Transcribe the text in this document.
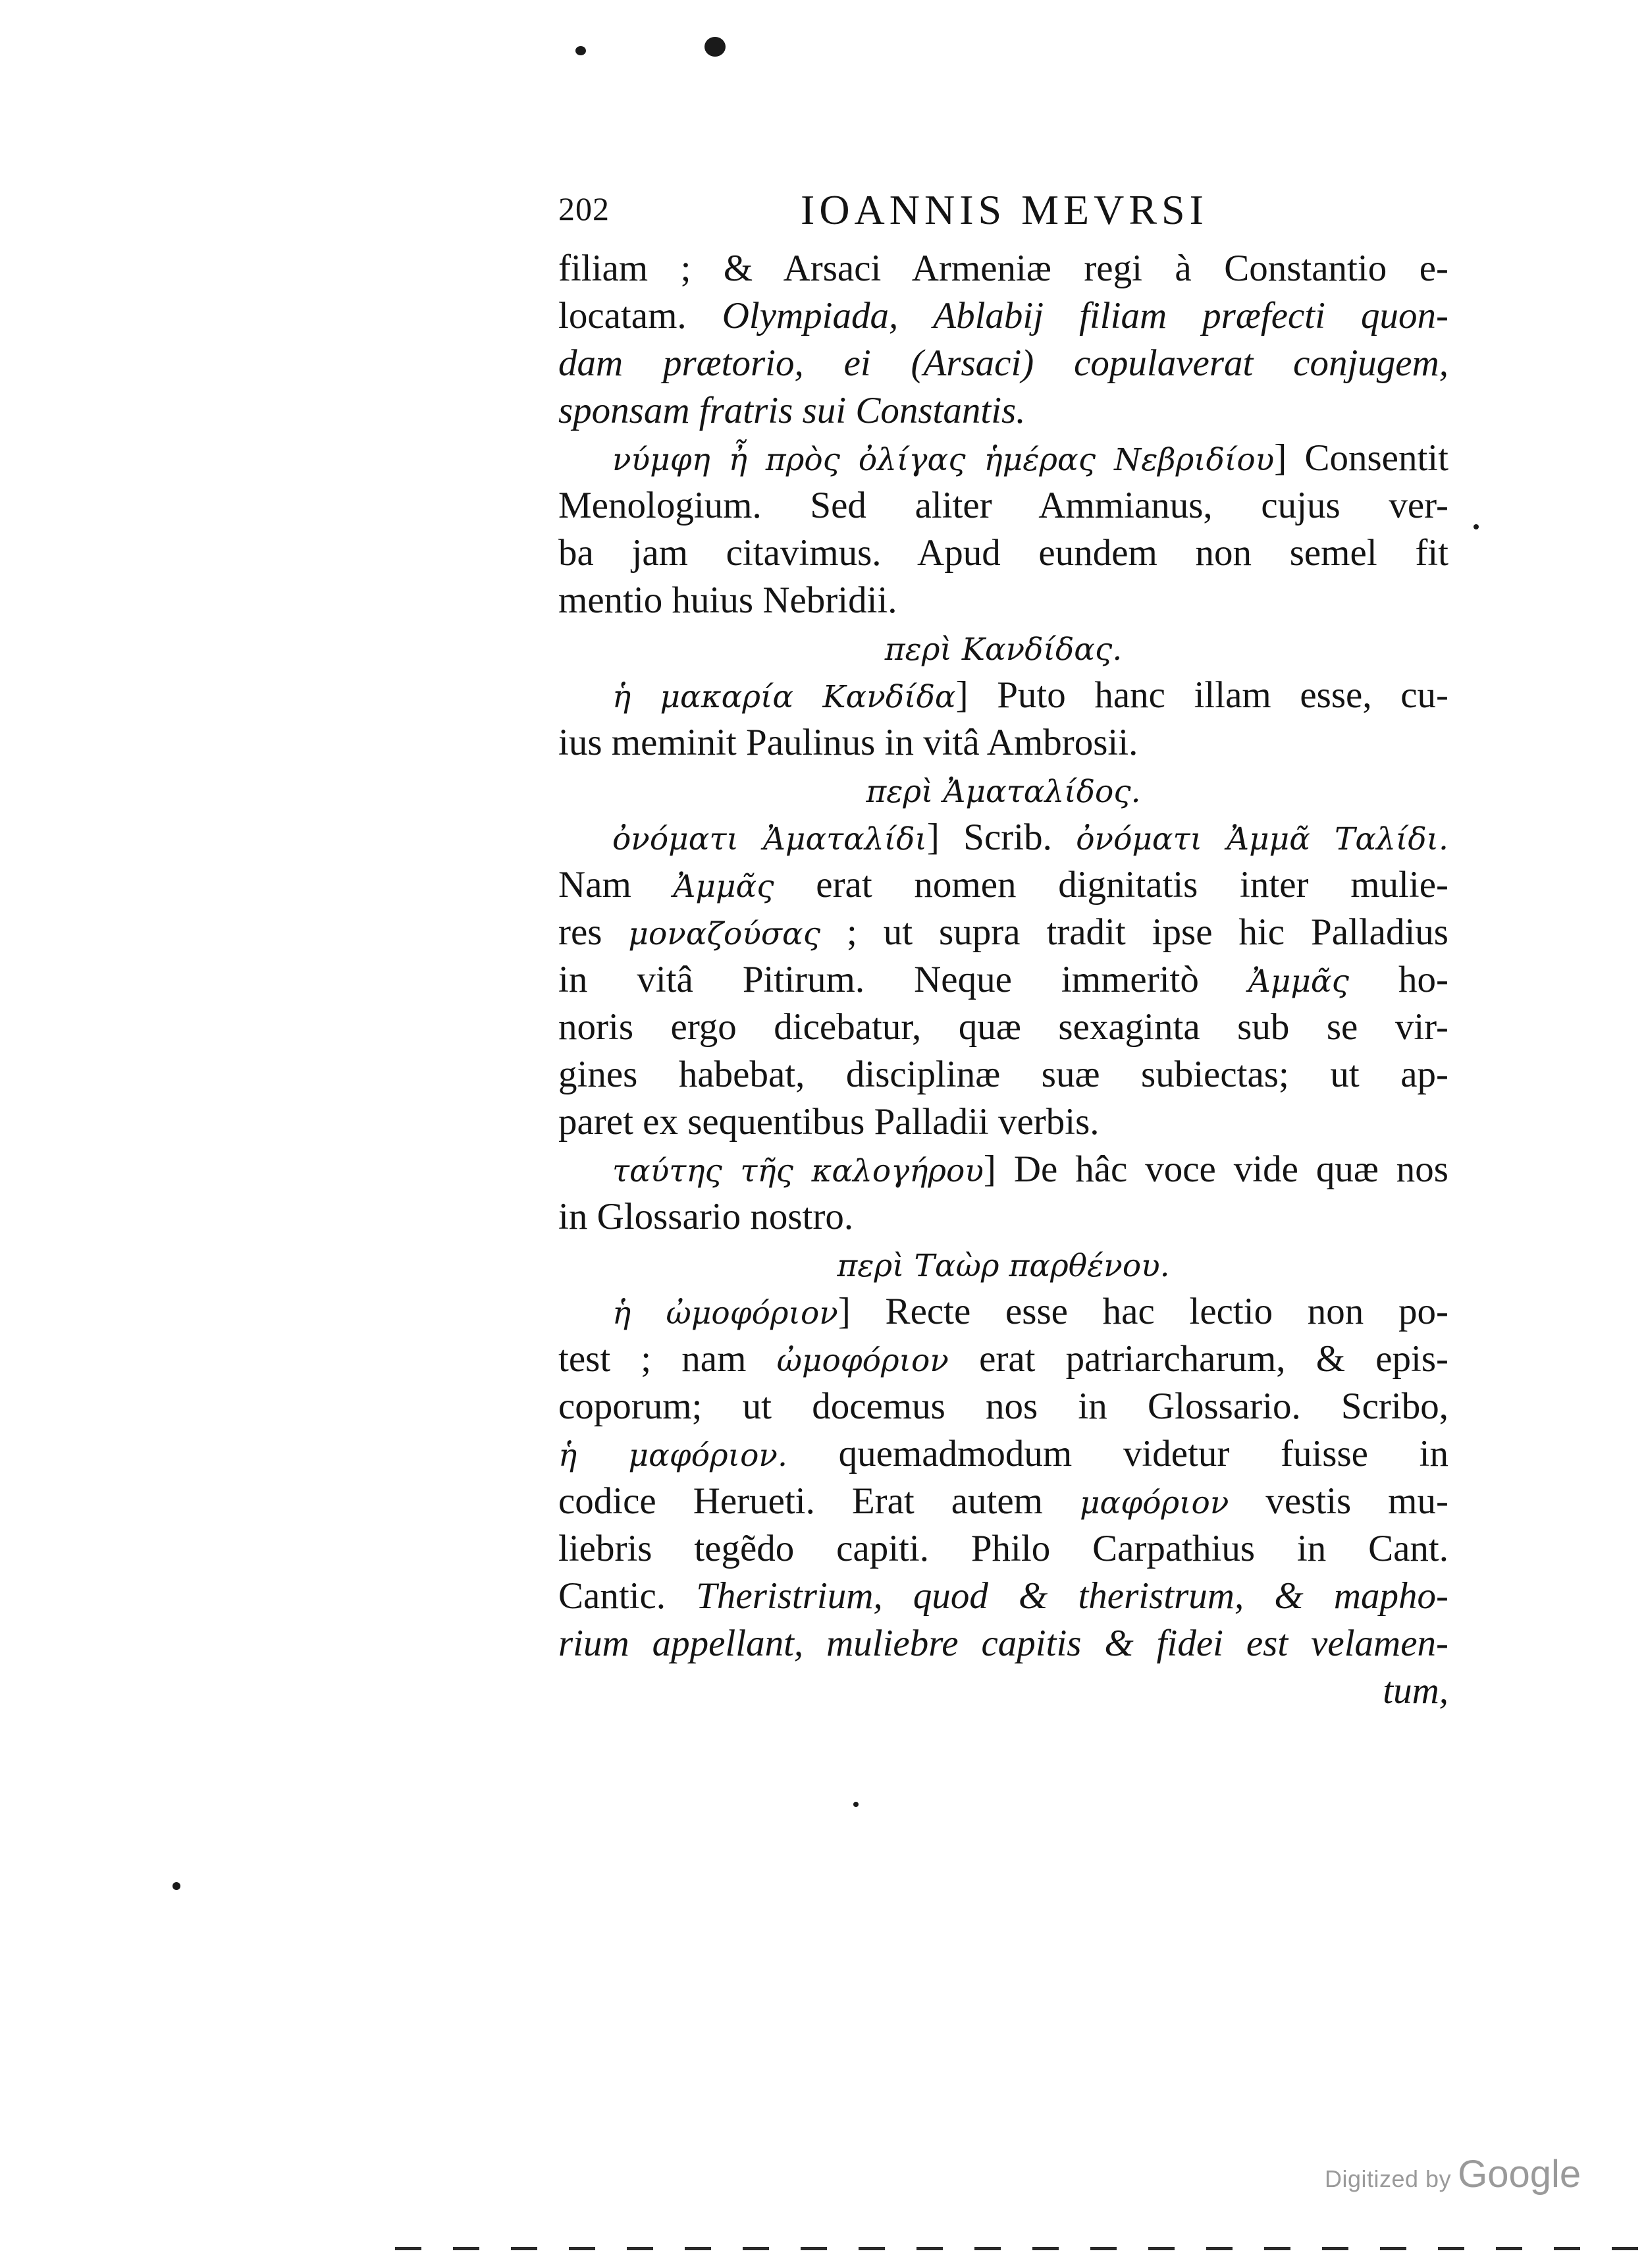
202	IOANNIS MEVRSI
filiam ; & Arsaci Armeniæ regi à Constantio e-
locatam. Olympiada, Ablabij filiam præfecti quon-
dam prætorio, ei (Arsaci) copulaverat conjugem,
sponsam fratris sui Constantis.
νύμφη ἦ πρὸς ὀλίγας ἡμέρας Νεβριδίου] Consentit
Menologium. Sed aliter Ammianus, cujus ver-
ba jam citavimus. Apud eundem non semel fit
mentio huius Nebridii.
περὶ Κανδίδας.
ἡ μακαρία Κανδίδα] Puto hanc illam esse, cu-
ius meminit Paulinus in vitâ Ambrosii.
περὶ Ἀματαλίδος.
ὀνόματι Ἀματαλίδι] Scrib. ὀνόματι Ἀμμᾶ Ταλίδι.
Nam Ἀμμᾶς erat nomen dignitatis inter mulie-
res μοναζούσας ; ut supra tradit ipse hic Palladius
in vitâ Pitirum. Neque immeritò Ἀμμᾶς ho-
noris ergo dicebatur, quæ sexaginta sub se vir-
gines habebat, disciplinæ suæ subiectas; ut ap-
paret ex sequentibus Palladii verbis.
ταύτης τῆς καλογήρου] De hâc voce vide quæ nos
in Glossario nostro.
περὶ Ταὼρ παρθένου.
ἡ ὠμοφόριον] Recte esse hac lectio non po-
test ; nam ὠμοφόριον erat patriarcharum, & epis-
coporum; ut docemus nos in Glossario. Scribo,
ἡ μαφόριον. quemadmodum videtur fuisse in
codice Herueti. Erat autem μαφόριον vestis mu-
liebris tegẽdo capiti. Philo Carpathius in Cant.
Cantic. Theristrium, quod & theristrum, & mapho-
rium appellant, muliebre capitis & fidei est velamen-
tum,
Digitized by Google
